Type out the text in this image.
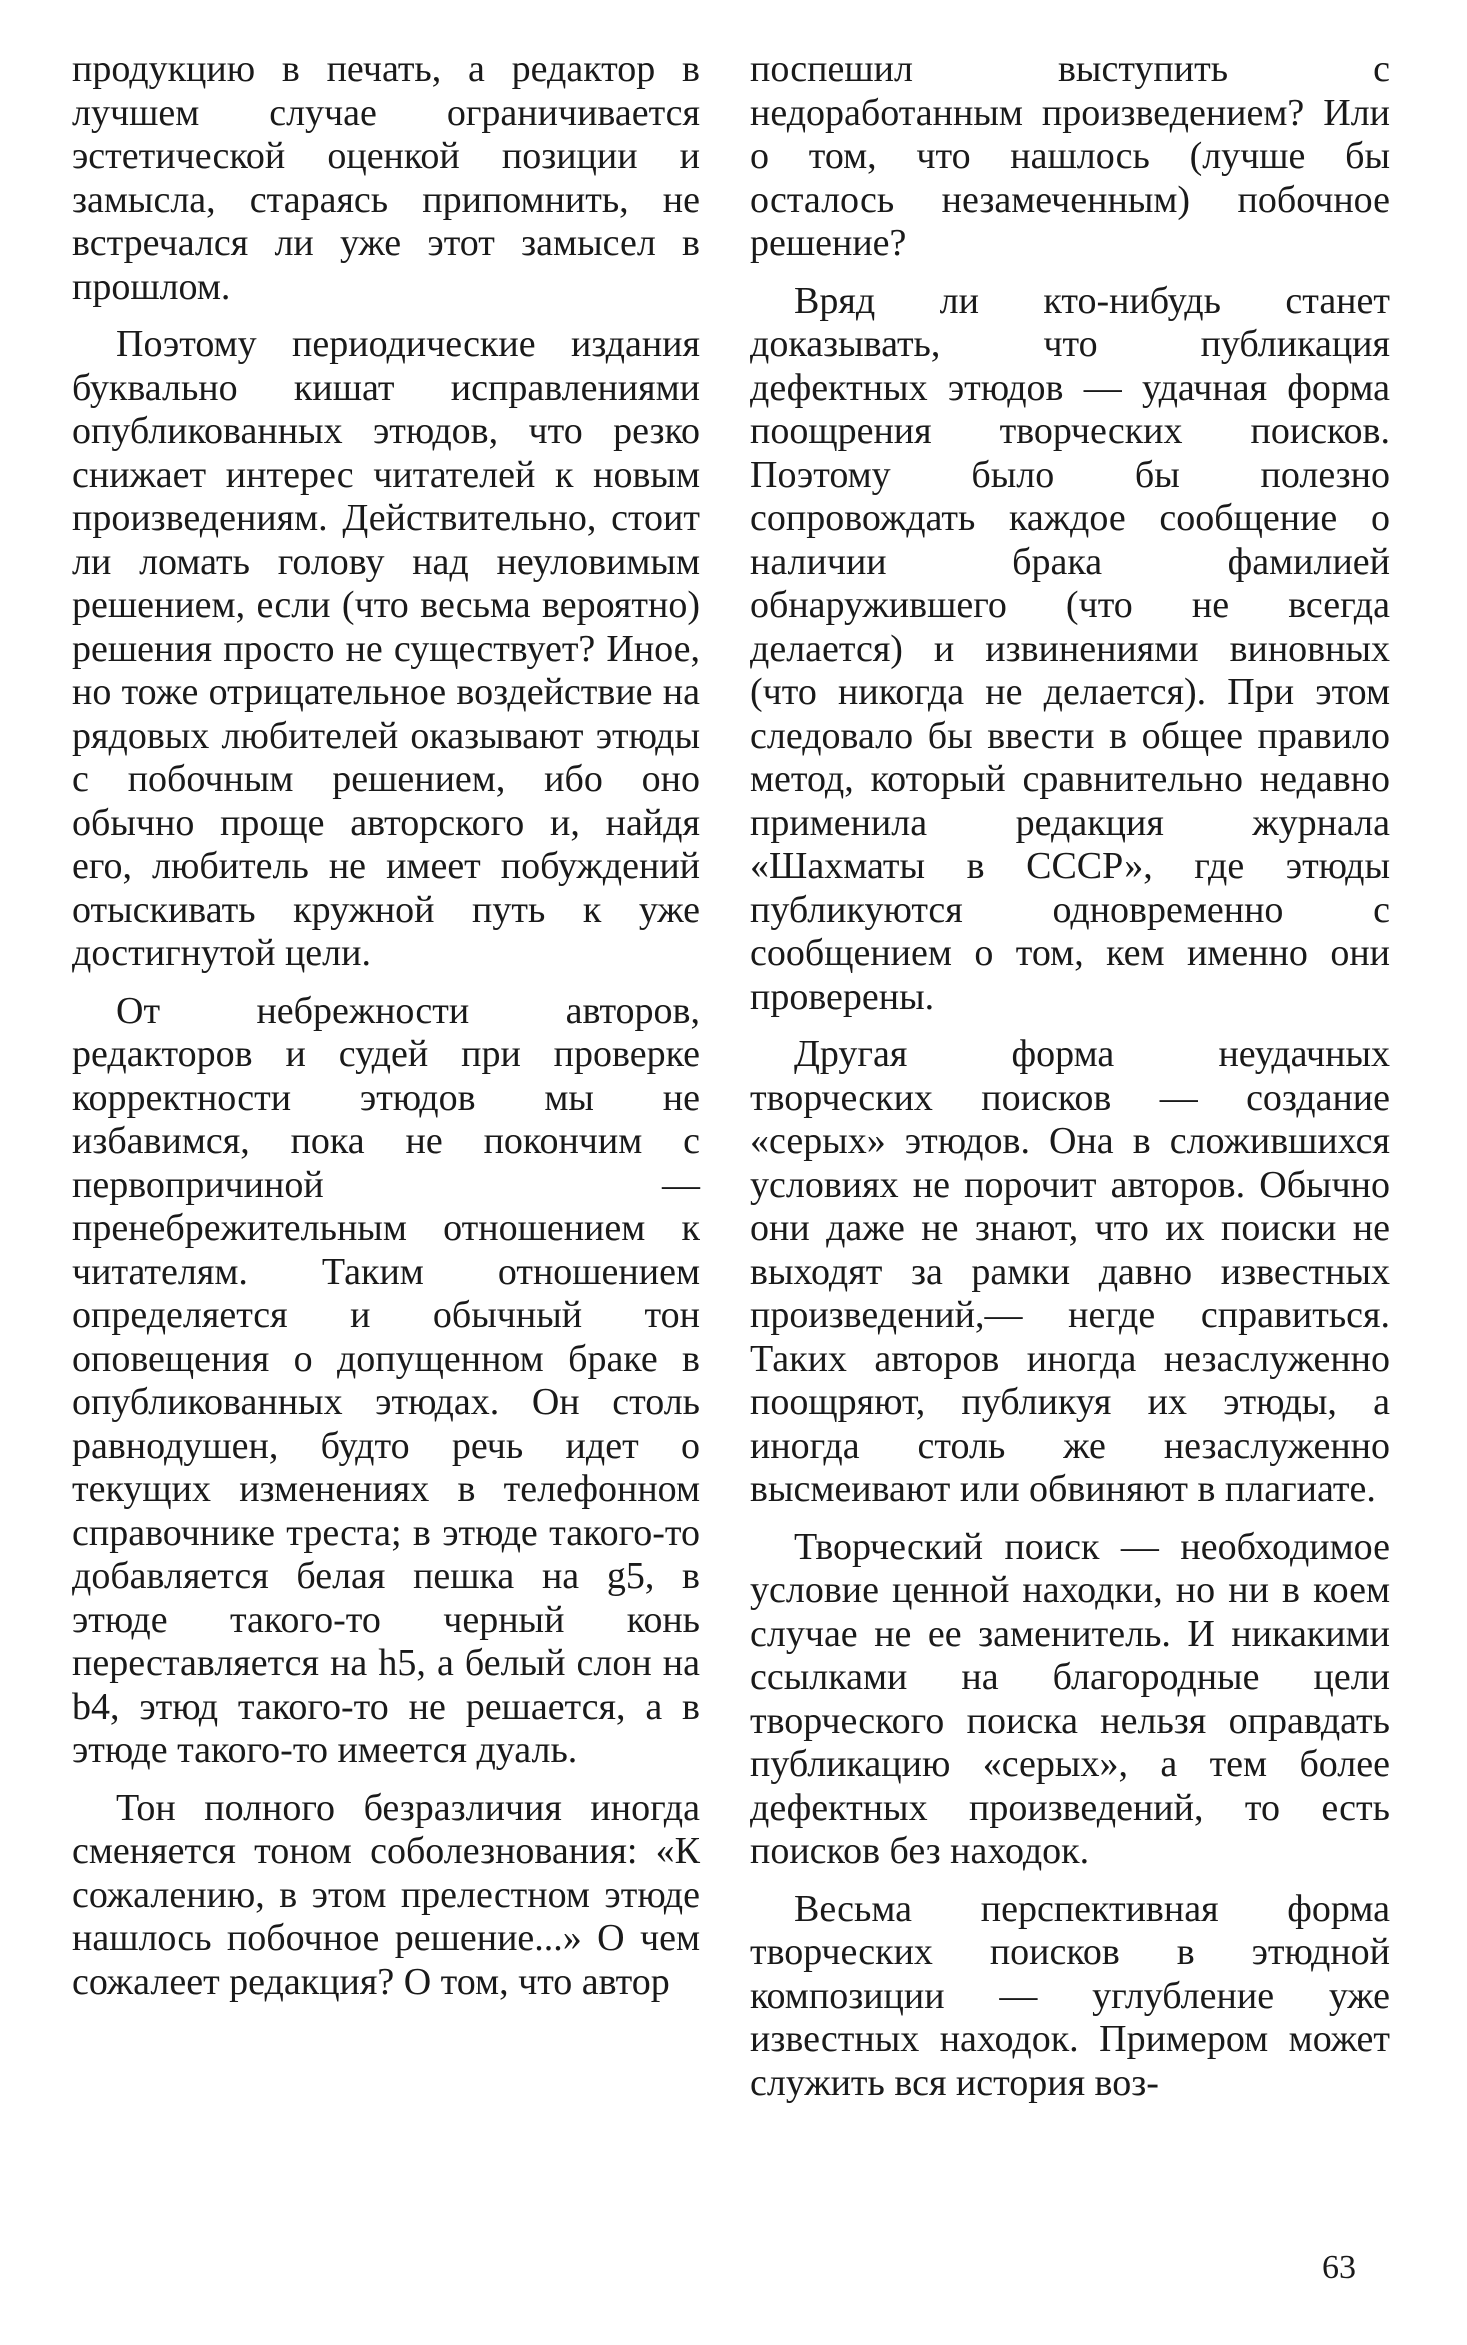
продукцию в печать, а редактор в лучшем случае ограничивается эстетической оценкой позиции и замысла, стараясь припомнить, не встречался ли уже этот замысел в прошлом.

Поэтому периодические издания буквально кишат исправлениями опубликованных этюдов, что резко снижает интерес читателей к новым произведениям. Действительно, стоит ли ломать голову над неуловимым решением, если (что весьма вероятно) решения просто не существует? Иное, но тоже отрицательное воздействие на рядовых любителей оказывают этюды с побочным решением, ибо оно обычно проще авторского и, найдя его, любитель не имеет побуждений отыскивать кружной путь к уже достигнутой цели.

От небрежности авторов, редакторов и судей при проверке корректности этюдов мы не избавимся, пока не покончим с первопричиной — пренебрежительным отношением к читателям. Таким отношением определяется и обычный тон оповещения о допущенном браке в опубликованных этюдах. Он столь равнодушен, будто речь идет о текущих изменениях в телефонном справочнике треста; в этюде такого-то добавляется белая пешка на g5, в этюде такого-то черный конь переставляется на h5, а белый слон на b4, этюд такого-то не решается, а в этюде такого-то имеется дуаль.

Тон полного безразличия иногда сменяется тоном соболезнования: «К сожалению, в этом прелестном этюде нашлось побочное решение...» О чем сожалеет редакция? О том, что автор

поспешил выступить с недоработанным произведением? Или о том, что нашлось (лучше бы осталось незамеченным) побочное решение?

Вряд ли кто-нибудь станет доказывать, что публикация дефектных этюдов — удачная форма поощрения творческих поисков. Поэтому было бы полезно сопровождать каждое сообщение о наличии брака фамилией обнаружившего (что не всегда делается) и извинениями виновных (что никогда не делается). При этом следовало бы ввести в общее правило метод, который сравнительно недавно применила редакция журнала «Шахматы в СССР», где этюды публикуются одновременно с сообщением о том, кем именно они проверены.

Другая форма неудачных творческих поисков — создание «серых» этюдов. Она в сложившихся условиях не порочит авторов. Обычно они даже не знают, что их поиски не выходят за рамки давно известных произведений,— негде справиться. Таких авторов иногда незаслуженно поощряют, публикуя их этюды, а иногда столь же незаслуженно высмеивают или обвиняют в плагиате.

Творческий поиск — необходимое условие ценной находки, но ни в коем случае не ее заменитель. И никакими ссылками на благородные цели творческого поиска нельзя оправдать публикацию «серых», а тем более дефектных произведений, то есть поисков без находок.

Весьма перспективная форма творческих поисков в этюдной композиции — углубление уже известных находок. Примером может служить вся история воз-

63
